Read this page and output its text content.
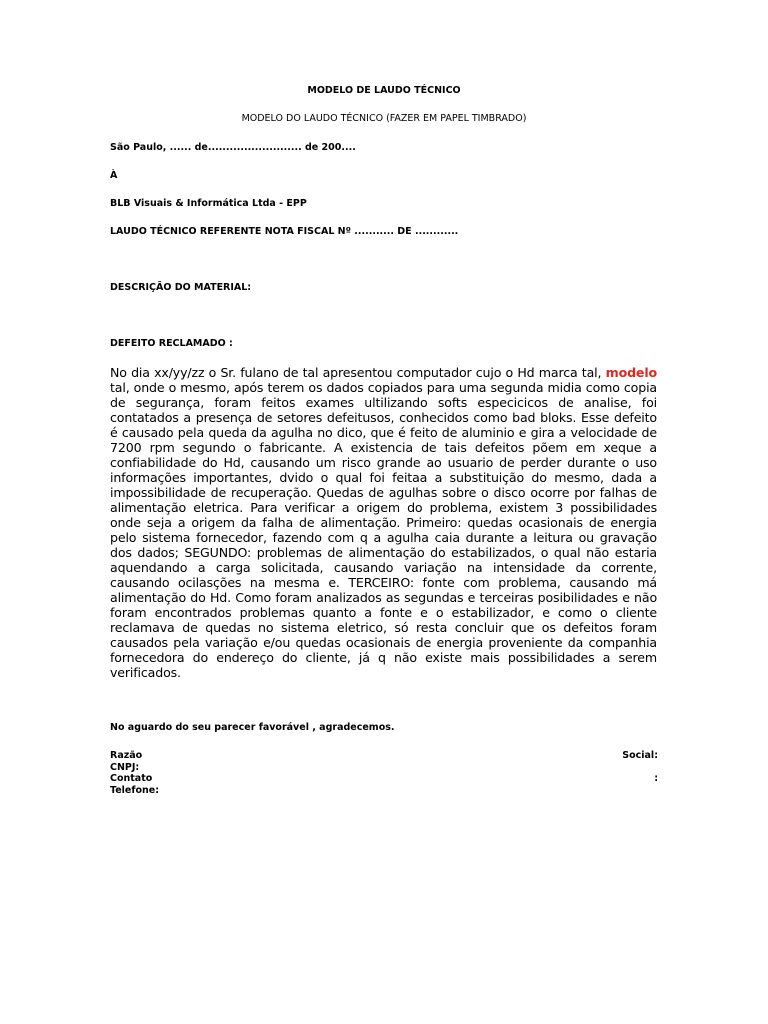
MODELO DE LAUDO TÉCNICO
MODELO DO LAUDO TÉCNICO (FAZER EM PAPEL TIMBRADO)
São Paulo, ...... de.......................... de 200....
À
BLB Visuais & Informática Ltda - EPP
LAUDO TÉCNICO REFERENTE NOTA FISCAL Nº ........... DE ............
DESCRIÇÃO DO MATERIAL:
DEFEITO RECLAMADO :
No dia xx/yy/zz o Sr. fulano de tal apresentou computador cujo o Hd marca tal, modelo tal, onde o mesmo, após terem os dados copiados para uma segunda midia como copia de segurança, foram feitos exames ultilizando softs especicicos de analise, foi contatados a presença de setores defeitusos, conhecidos como bad bloks. Esse defeito é causado pela queda da agulha no dico, que é feito de aluminio e gira a velocidade de 7200 rpm segundo o fabricante. A existencia de tais defeitos põem em xeque a confiabilidade do Hd, causando um risco grande ao usuario de perder durante o uso informações importantes, dvido o qual foi feitaa a substituição do mesmo, dada a impossibilidade de recuperação. Quedas de agulhas sobre o disco ocorre por falhas de alimentação eletrica. Para verificar a origem do problema, existem 3 possibilidades onde seja a origem da falha de alimentação. Primeiro: quedas ocasionais de energia pelo sistema fornecedor, fazendo com q a agulha caia durante a leitura ou gravação dos dados; SEGUNDO: problemas de alimentação do estabilizados, o qual não estaria aquendando a carga solicitada, causando variação na intensidade da corrente, causando ocilasções na mesma e. TERCEIRO: fonte com problema, causando má alimentação do Hd. Como foram analizados as segundas e terceiras posibilidades e não foram encontrados problemas quanto a fonte e o estabilizador, e como o cliente reclamava de quedas no sistema eletrico, só resta concluir que os defeitos foram causados pela variação e/ou quedas ocasionais de energia proveniente da companhia fornecedora do endereço do cliente, já q não existe mais possibilidades a serem verificados.
No aguardo do seu parecer favorável , agradecemos.
Razão	Social:
CNPJ:
Contato	:
Telefone:
